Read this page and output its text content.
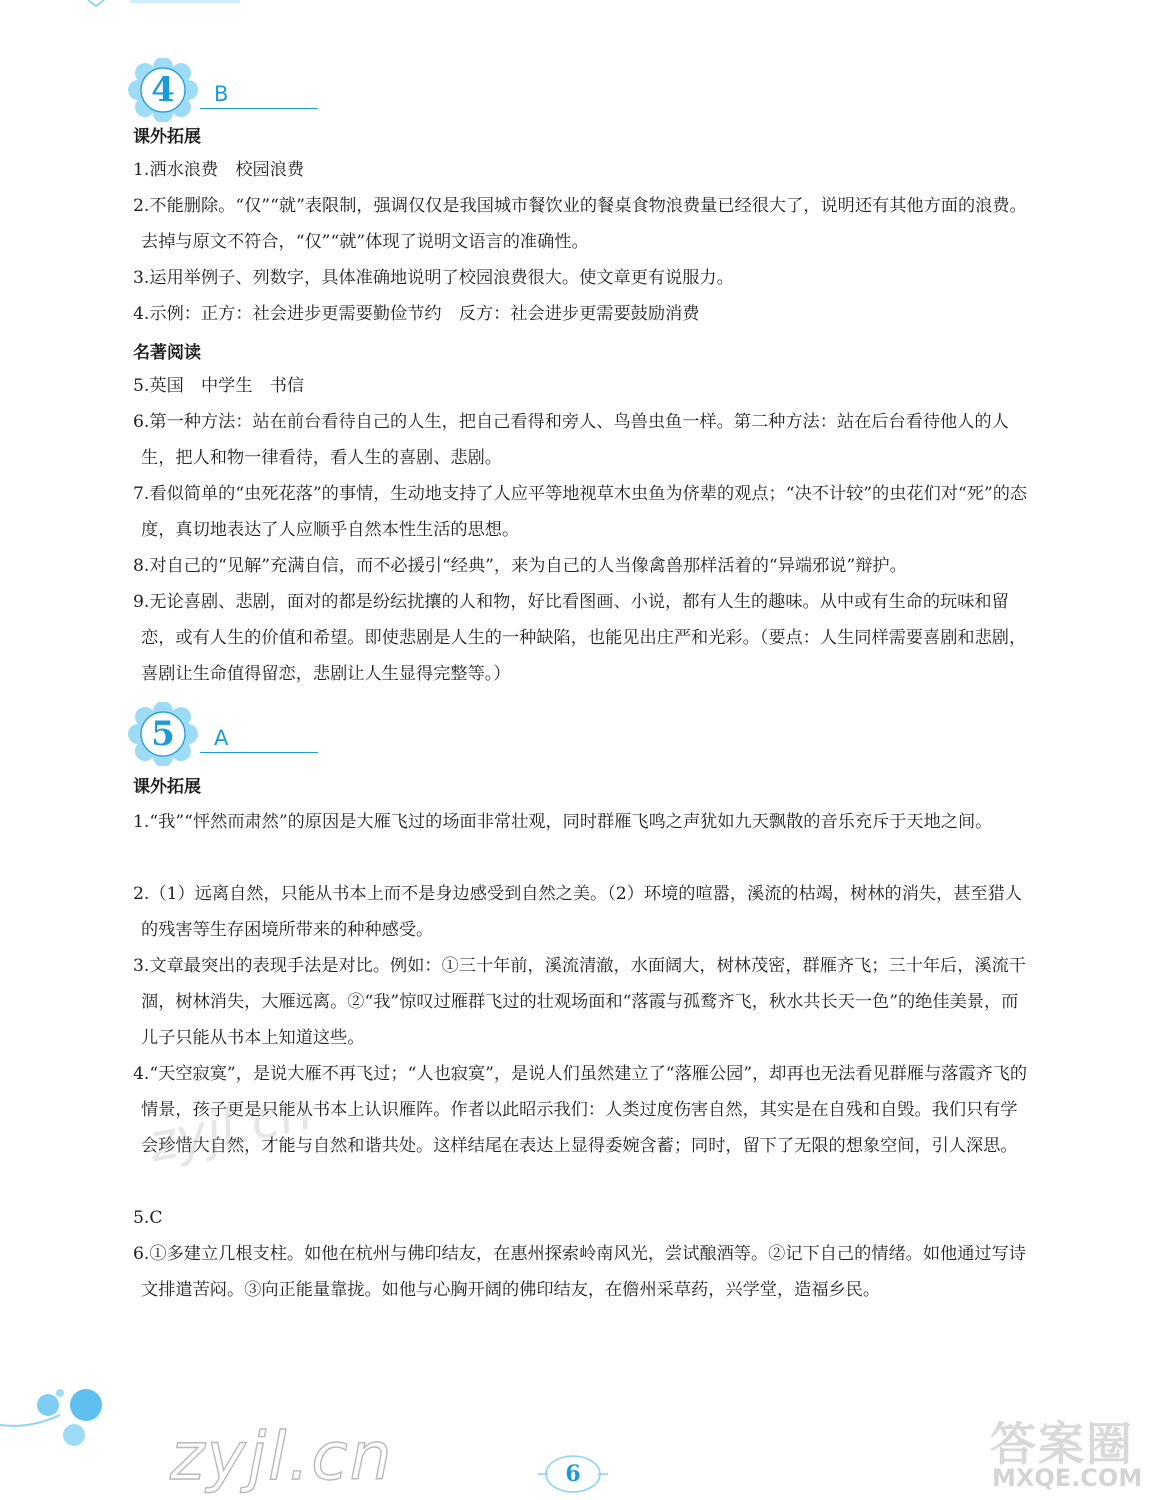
4	B
课外拓展
1.洒水浪费　校园浪费
2.不能删除。“仅”“就”表限制，强调仅仅是我国城市餐饮业的餐桌食物浪费量已经很大了，说明还有其他方面的浪费。去掉与原文不符合，“仅”“就”体现了说明文语言的准确性。
3.运用举例子、列数字，具体准确地说明了校园浪费很大。使文章更有说服力。
4.示例：正方：社会进步更需要勤俭节约　反方：社会进步更需要鼓励消费
名著阅读
5.英国　中学生　书信
6.第一种方法：站在前台看待自己的人生，把自己看得和旁人、鸟兽虫鱼一样。第二种方法：站在后台看待他人的人生，把人和物一律看待，看人生的喜剧、悲剧。
7.看似简单的“虫死花落”的事情，生动地支持了人应平等地视草木虫鱼为侪辈的观点；“决不计较”的虫花们对“死”的态度，真切地表达了人应顺乎自然本性生活的思想。
8.对自己的“见解”充满自信，而不必援引“经典”，来为自己的人当像禽兽那样活着的“异端邪说”辩护。
9.无论喜剧、悲剧，面对的都是纷纭扰攘的人和物，好比看图画、小说，都有人生的趣味。从中或有生命的玩味和留恋，或有人生的价值和希望。即使悲剧是人生的一种缺陷，也能见出庄严和光彩。（要点：人生同样需要喜剧和悲剧，喜剧让生命值得留恋，悲剧让人生显得完整等。）
5	A
课外拓展
1.“我”“怦然而肃然”的原因是大雁飞过的场面非常壮观，同时群雁飞鸣之声犹如九天飘散的音乐充斥于天地之间。
2.（1）远离自然，只能从书本上而不是身边感受到自然之美。（2）环境的喧嚣，溪流的枯竭，树林的消失，甚至猎人的残害等生存困境所带来的种种感受。
3.文章最突出的表现手法是对比。例如：①三十年前，溪流清澈，水面阔大，树林茂密，群雁齐飞；三十年后，溪流干涸，树林消失，大雁远离。②“我”惊叹过雁群飞过的壮观场面和“落霞与孤鹜齐飞，秋水共长天一色”的绝佳美景，而儿子只能从书本上知道这些。
4.“天空寂寞”，是说大雁不再飞过；“人也寂寞”，是说人们虽然建立了“落雁公园”，却再也无法看见群雁与落霞齐飞的情景，孩子更是只能从书本上认识雁阵。作者以此昭示我们：人类过度伤害自然，其实是在自残和自毁。我们只有学会珍惜大自然，才能与自然和谐共处。这样结尾在表达上显得委婉含蓄；同时，留下了无限的想象空间，引人深思。
5.C
6.①多建立几根支柱。如他在杭州与佛印结友，在惠州探索岭南风光，尝试酿酒等。②记下自己的情绪。如他通过写诗文排遣苦闷。③向正能量靠拢。如他与心胸开阔的佛印结友，在儋州采草药，兴学堂，造福乡民。
zyjl.cn
6
zyjl.cn	答案圈
MXQE.COM
